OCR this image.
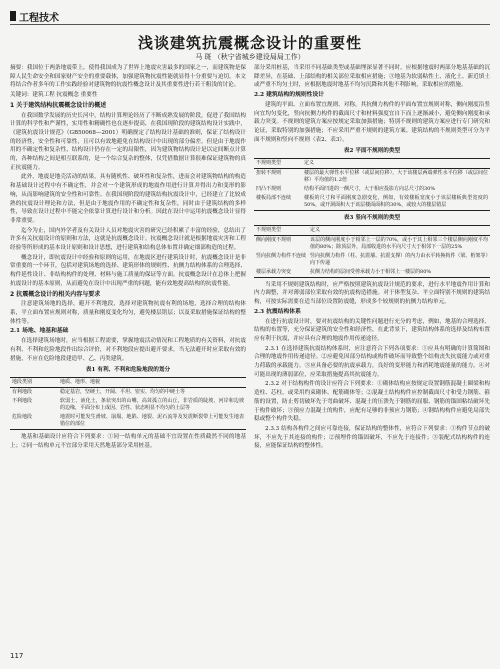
工程技术
浅谈建筑抗震概念设计的重要性
马 斑 （秋宁省城乡建设局局工作）

摘要：我国位于两条地震带上，使得我国成为了世界上地震灾害最多的国家之一，而建筑物是保障人民生命安全和国家财产安全的重要载体，加强建筑物抗震性能就显得十分重要与迫切。本文将结合作者多年的工作实践经验对建筑物的抗震性概念设计及其重要性进行若干粗浅的讨论。

关键词：建筑工程 抗震概念 重要性

1 关于建筑结构抗震概念设计的概述

在我国数学发展的历史长河中，结构计算理论经历了不断成熟发展的阶段，促进了我国结构计算的科学性和严谨性，实用性和精确性也在逐步提高，在我国现阶段的建筑结构设计实践中，《建筑抗震设计规范》（GB50068—2001）明确规定了结构设计基础的准则，保证了结构设计的经济性，安全性和可靠性，且可以有效地避免在结构设计中出现的部分偏差。但是由于地震作用的不确定性和复杂性，结构设计仍存在一定的局限性，因为建筑物结构设计是以定间断点计算的，各种结构之间是相互联系的，是一个综合复杂的整体，仅凭借数据计算很难保证建筑物的真正抗震能力。

此外，地震是地壳活动的结果，具有随机性、破坏性和复杂性，进而会对建筑物结构的构造和基础设计过程中有不确定性，并会对一个建筑形成的地震作用进行计算并得出力和变形的影响，从而影响建筑的安全性和可靠性。在我国现阶段的建筑结构抗震设计中，已经建立了比较成熟的抗震设计理论和方法，但是由于地震作用的不确定性和复杂性，同时由于建筑结构的多样性，导致在设计过程中不能完全依靠计算进行设计和分析。因此在设计中运用抗震概念设计显得非常重要。

迄今为止，国内外学者及有关设计人员对地震灾害的研究已经积累了丰富的经验，总结出了许多有关抗震设计的原则和方法，这就是抗震概念设计。抗震概念设计就是根据地震灾害和工程经验等所形成的基本设计原则和设计思想，进行建筑和结构总体布置并确定细部构造的过程。

概念设计，即抗震设计中经验和原则的运用，在地震区进行建筑设计时，抗震概念设计是非常重要的一个环节，包括对建筑场地的选择、建筑形体的规则性、抗侧力结构体系的合理选择、构件延性设计、非结构构件的处理、材料与施工质量的保证等方面。抗震概念设计在总体上把握抗震设计的基本原则，从而避免在设计中出现严重的问题，能有效地提高结构的抗震性能。

2 抗震概念设计的相关内容与要求

注意建筑场地的选择，避开不利地段，选择对建筑物抗震有利的场地，选择合理的结构体系，平立面布置应规则对称，质量和刚度变化均匀，避免楼层错层；以及采取措施保证结构的整体性等。

2.1 场地、地基和基础

在选择建筑场地时，应当根据工程需要，掌握地震活动情况和工程地质的有关资料，对抗震有利、不利和危险地段作出综合评价，对不利地段应提出避开要求，当无法避开时应采取有效的措施，不应在危险地段建造甲、乙、丙类建筑。

表1 有利、不利和危险地段的划分
地段类别	地质、地形、地貌
有利地段	稳定基岩，坚硬土，开阔、平坦、密实、均匀的中硬土等
不利地段	软弱土，液化土，条状突出的山嘴，高耸孤立的山丘，非岩质的陡坡，河岸和边坡的边缘，平面分布上成因、岩性、状态明显不均匀的土层等
危险地段	地震时可能发生滑坡、崩塌、地陷、地裂、泥石流等及发震断裂带上可能发生地表错位的部位

地基和基础设计应符合下列要求：①同一结构单元的基础不宜设置在性质截然不同的地基上；②同一结构单元不宜部分采用天然地基部分采用桩基。

部分采用桩基，当采用不同基础类型或基础埋深显著不同时，应根据地震时两部分地基基础的沉降差异，在基础、上部结构的相关部位采取相应措施；③地基为软弱粘性土、液化土、新近填土或严重不均匀土时，应根据地震时地基不均匀沉降和其他不利影响，采取相应的措施。

2.2 建筑结构的规则性设计

建筑的平面、立面布置宜规则、对称，其抗侧力构件的平面布置宜规则对称，侧向刚度沿竖向宜均匀变化，竖向抗侧力构件的截面尺寸和材料强度宜自下而上逐渐减小，避免侧向刚度和承载力突变。不规则的建筑方案应按规定采取加强措施；特别不规则的建筑方案应进行专门研究和论证，采取特别的加强措施；不应采用严重不规则的建筑方案。建筑结构的不规则类型可分为平面不规则和竖向不规则（表2、表3）。

表2 平面不规则的类型
不规则类型	定义
扭转不规则	楼层的最大弹性水平位移（或层间位移），大于该楼层两端弹性水平位移（或层间位移）平均值的1.2倍
凹凸不规则	结构平面凹进的一侧尺寸，大于相应投影方向总尺寸的30%
楼板局部不连续	楼板的尺寸和平面刚度急剧变化，例如，有效楼板宽度小于该层楼板典型宽度的50%，或开洞面积大于该层楼面面积的30%，或较大的楼层错层
表3 竖向不规则的类型
不规则类型	定义
侧向刚度不规则	该层的侧向刚度小于相邻上一层的70%，或小于其上相邻三个楼层侧向刚度平均值的80%；除顶层外，局部收进的水平向尺寸大于相邻下一层的25%
竖向抗侧力构件不连续	竖向抗侧力构件（柱、抗震墙、抗震支撑）的内力由水平转换构件（梁、桁架等）向下传递
楼层承载力突变	抗侧力结构的层间受剪承载力小于相邻上一楼层的80%

当采用不规则建筑结构时，应严格按照建筑抗震设计规范的要求，进行水平地震作用计算和内力调整，并对薄弱部位采取有效的抗震构造措施。对于体型复杂、平立面特别不规则的建筑结构，可按实际需要在适当部位设置防震缝，形成多个较规则的抗侧力结构单元。

2.3 抗震结构体系

在进行抗震设计时，要对抗震结构的关键性问题进行充分的考虑，例如，地基的合理选择、结构的布置等，充分保证建筑的安全性和经济性，在此背景下，建筑结构体系的选择及结构布置应有利于抗震，并应具有合理的地震作用传递途径。

2.3.1 在选择建筑抗震结构体系时，应注意符合下列各项要求：①应具有明确的计算简图和合理的地震作用传递途径。②应避免因部分结构或构件破坏而导致整个结构丧失抗震能力或对重力荷载的承载能力。③应具备必要的抗震承载力，良好的变形能力和消耗地震能量的能力。④对可能出现的薄弱部位，应采取措施提高其抗震能力。

2.3.2 对于结构构件的设计应符合下列要求：①砌体结构应按规定设置钢筋混凝土圈梁和构造柱、芯柱，或采用约束砌体、配筋砌体等；②混凝土结构构件应控制截面尺寸和受力钢筋、箍筋的设置，防止剪切破坏先于弯曲破坏、混凝土的压溃先于钢筋的屈服、钢筋的锚固粘结破坏先于构件破坏；③预应力混凝土的构件，应配有足够的非预应力钢筋；④钢结构构件应避免局部失稳或整个构件失稳。

2.3.3 结构各构件之间应可靠连接，保证结构的整体性，应符合下列要求：①构件节点的破坏，不应先于其连接的构件；②预埋件的锚固破坏，不应先于连接件；③装配式结构构件的连接，应能保证结构的整体性。

117
